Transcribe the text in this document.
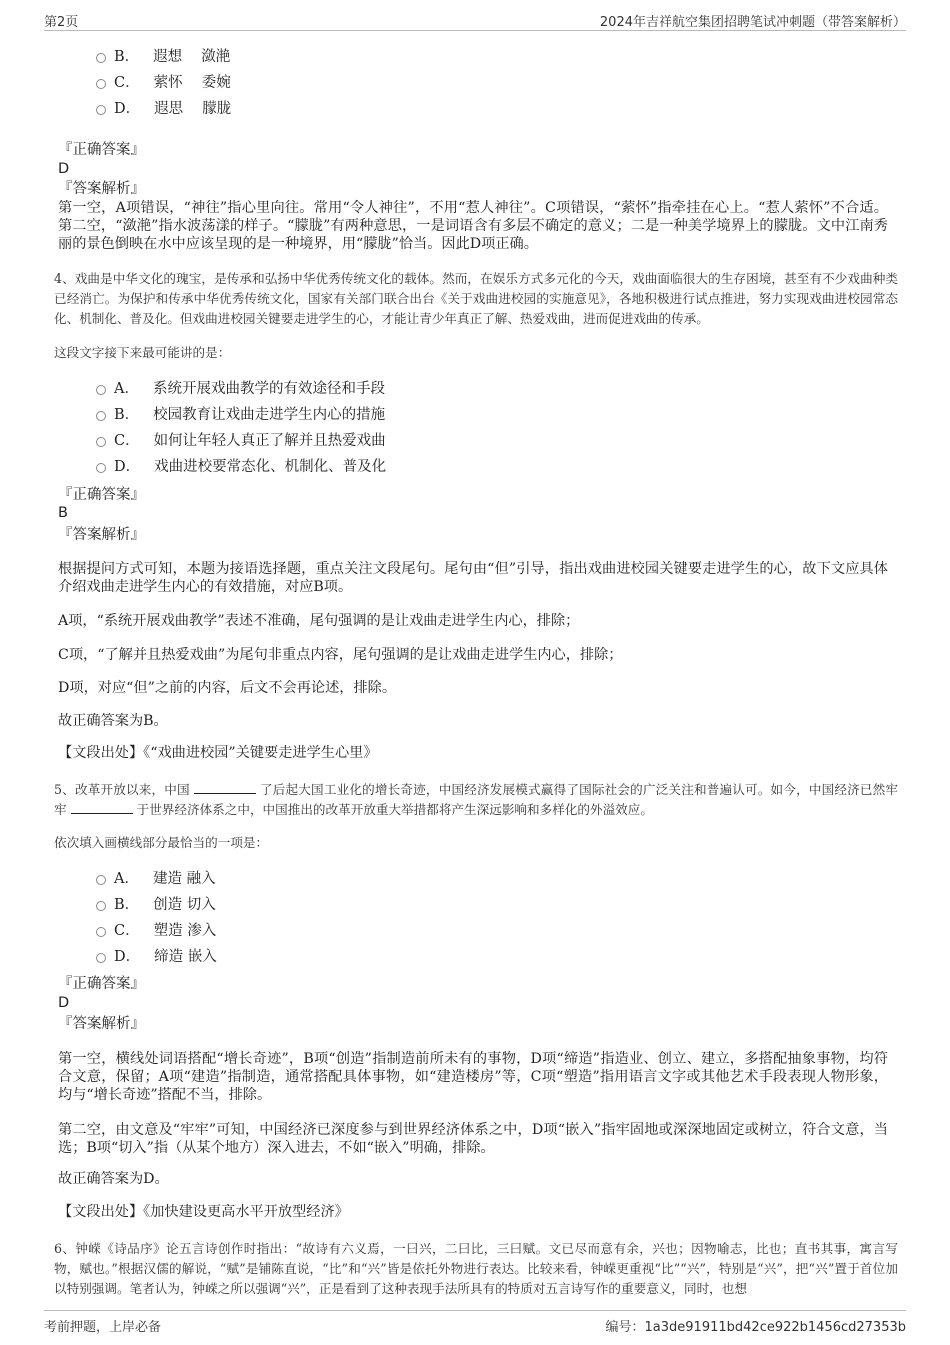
第2页	2024年吉祥航空集团招聘笔试冲刺题（带答案解析）
B． 遐想　 潋滟
C． 萦怀　 委婉
D． 遐思　 朦胧
『正确答案』
D
『答案解析』

第一空，A项错误，“神往”指心里向往。常用“令人神往”，不用“惹人神往”。C项错误，“萦怀”指牵挂在心上。“惹人萦怀”不合适。第二空，“潋滟”指水波荡漾的样子。“朦胧”有两种意思，一是词语含有多层不确定的意义；二是一种美学境界上的朦胧。文中江南秀丽的景色倒映在水中应该呈现的是一种境界，用“朦胧”恰当。因此D项正确。

4、戏曲是中华文化的瑰宝，是传承和弘扬中华优秀传统文化的载体。然而，在娱乐方式多元化的今天，戏曲面临很大的生存困境，甚至有不少戏曲种类已经消亡。为保护和传承中华优秀传统文化，国家有关部门联合出台《关于戏曲进校园的实施意见》，各地积极进行试点推进，努力实现戏曲进校园常态化、机制化、普及化。但戏曲进校园关键要走进学生的心，才能让青少年真正了解、热爱戏曲，进而促进戏曲的传承。

这段文字接下来最可能讲的是：
A． 系统开展戏曲教学的有效途径和手段
B． 校园教育让戏曲走进学生内心的措施
C． 如何让年轻人真正了解并且热爱戏曲
D． 戏曲进校要常态化、机制化、普及化
『正确答案』
B
『答案解析』

根据提问方式可知，本题为接语选择题，重点关注文段尾句。尾句由“但”引导，指出戏曲进校园关键要走进学生的心，故下文应具体介绍戏曲走进学生内心的有效措施，对应B项。

A项，“系统开展戏曲教学”表述不准确，尾句强调的是让戏曲走进学生内心，排除；

C项，“了解并且热爱戏曲”为尾句非重点内容，尾句强调的是让戏曲走进学生内心，排除；

D项，对应“但”之前的内容，后文不会再论述，排除。

故正确答案为B。

【文段出处】《“戏曲进校园”关键要走进学生心里》

5、改革开放以来，中国	了后起大国工业化的增长奇迹，中国经济发展模式赢得了国际社会的广泛关注和普遍认可。如今，中国经济已然牢牢	于世界经济体系之中，中国推出的改革开放重大举措都将产生深远影响和多样化的外溢效应。

依次填入画横线部分最恰当的一项是：
A． 建造 融入
B． 创造 切入
C． 塑造 渗入
D． 缔造 嵌入
『正确答案』
D
『答案解析』

第一空，横线处词语搭配“增长奇迹”，B项“创造”指制造前所未有的事物，D项“缔造”指造业、创立、建立，多搭配抽象事物，均符合文意，保留；A项“建造”指制造，通常搭配具体事物，如“建造楼房”等，C项“塑造”指用语言文字或其他艺术手段表现人物形象，均与“增长奇迹”搭配不当，排除。

第二空，由文意及“牢牢”可知，中国经济已深度参与到世界经济体系之中，D项“嵌入”指牢固地或深深地固定或树立，符合文意，当选；B项“切入”指（从某个地方）深入进去，不如“嵌入”明确，排除。

故正确答案为D。

【文段出处】《加快建设更高水平开放型经济》

6、钟嵘《诗品序》论五言诗创作时指出：“故诗有六义焉，一曰兴，二曰比，三曰赋。文已尽而意有余，兴也；因物喻志，比也；直书其事，寓言写物，赋也。”根据汉儒的解说，“赋”是铺陈直说，“比”和“兴”皆是依托外物进行表达。比较来看，钟嵘更重视“比”“兴”，特别是“兴”，把“兴”置于首位加以特别强调。笔者认为，钟嵘之所以强调“兴”，正是看到了这种表现手法所具有的特质对五言诗写作的重要意义，同时，也想

考前押题，上岸必备	编号：1a3de91911bd42ce922b1456cd27353b
